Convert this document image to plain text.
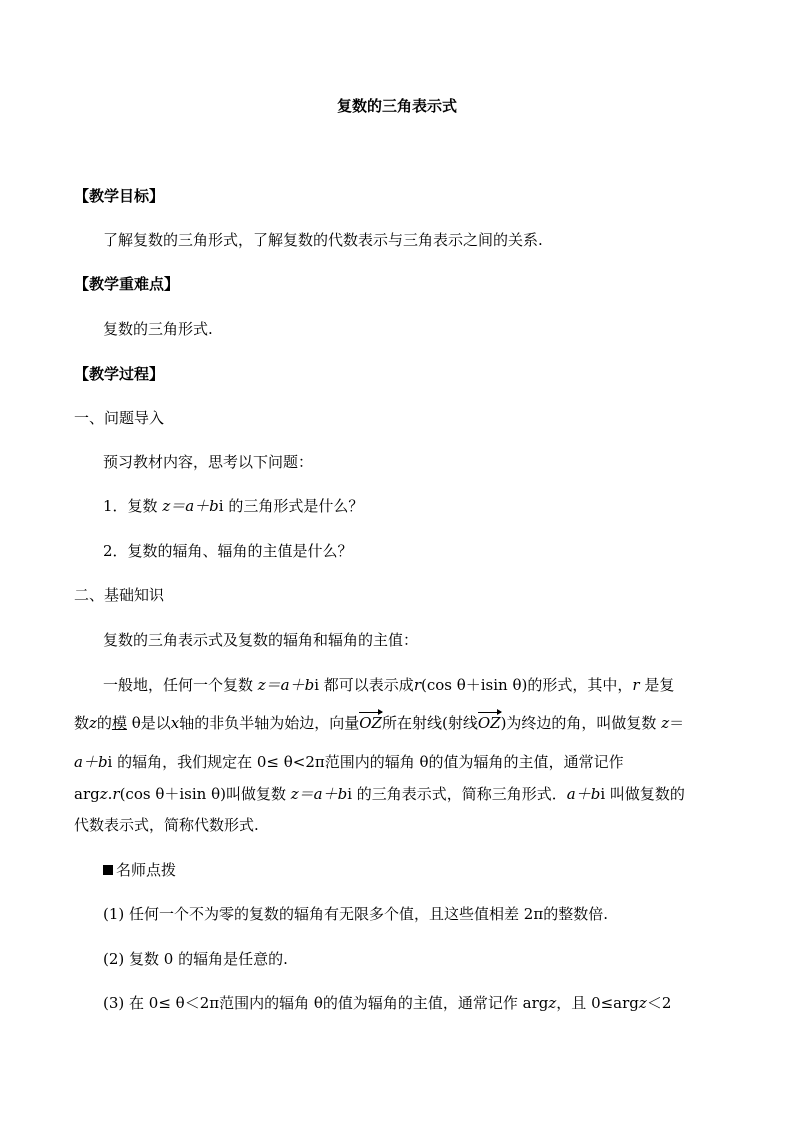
复数的三角表示式
【教学目标】
了解复数的三角形式，了解复数的代数表示与三角表示之间的关系.
【教学重难点】
复数的三角形式.
【教学过程】
一、问题导入
预习教材内容，思考以下问题：
1．复数 z＝a＋bi 的三角形式是什么？
2．复数的辐角、辐角的主值是什么？
二、基础知识
复数的三角表示式及复数的辐角和辐角的主值：
一般地，任何一个复数 z＝a＋bi 都可以表示成r(cos θ＋isin θ)的形式，其中，r 是复
数z的模 θ是以x轴的非负半轴为始边，向量OZ所在射线(射线OZ)为终边的角，叫做复数 z＝
a＋bi 的辐角，我们规定在 0≤ θ<2π范围内的辐角 θ的值为辐角的主值，通常记作
argz.r(cos θ＋isin θ)叫做复数 z＝a＋bi 的三角表示式，简称三角形式．a＋bi 叫做复数的
代数表示式，简称代数形式.
名师点拨
(1) 任何一个不为零的复数的辐角有无限多个值，且这些值相差 2π的整数倍.
(2) 复数 0 的辐角是任意的.
(3) 在 0≤ θ＜2π范围内的辐角 θ的值为辐角的主值，通常记作 argz，且 0≤argz＜2
